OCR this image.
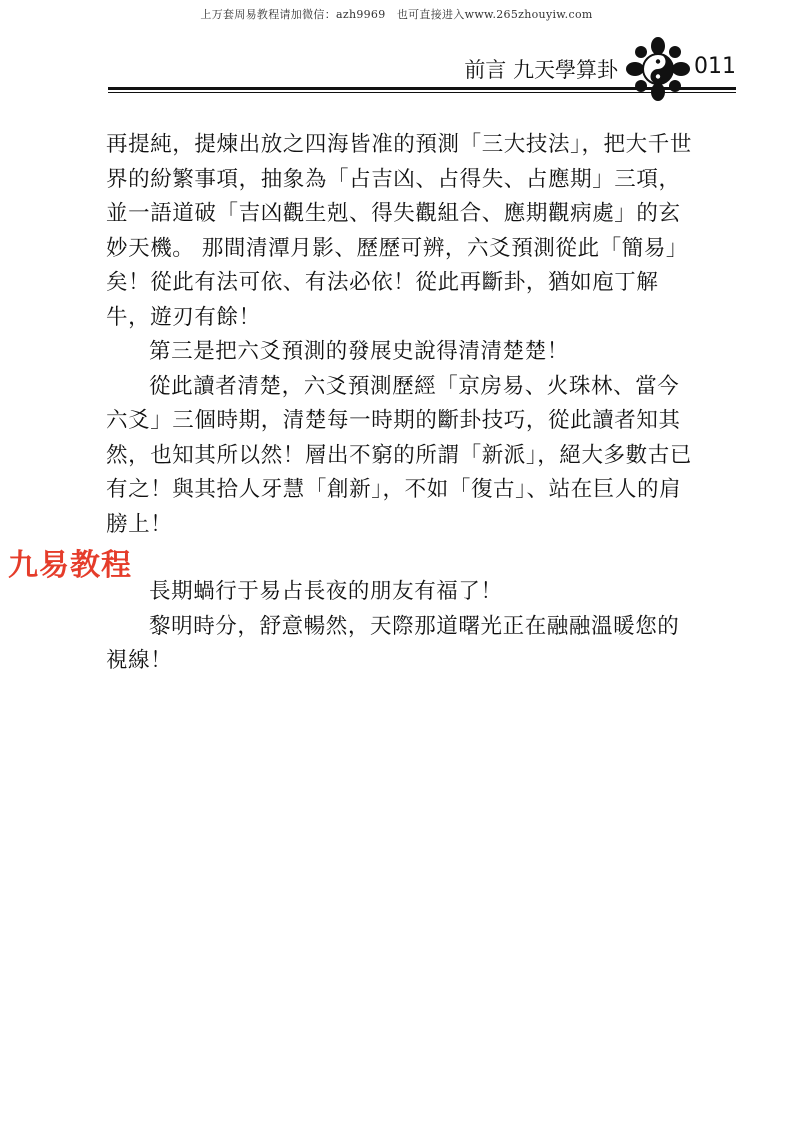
上万套周易教程请加微信：azh9969　也可直接进入www.265zhouyiw.com
前言 九天學算卦	011

再提純，提煉出放之四海皆准的預測「三大技法」，把大千世界的紛繁事項，抽象為「占吉凶、占得失、占應期」三項，並一語道破「吉凶觀生剋、得失觀組合、應期觀病處」的玄妙天機。 那間清潭月影、歷歷可辨，六爻預測從此「簡易」矣！從此有法可依、有法必依！從此再斷卦，猶如庖丁解牛，遊刃有餘！

第三是把六爻預測的發展史說得清清楚楚！

從此讀者清楚，六爻預測歷經「京房易、火珠林、當今六爻」三個時期，清楚每一時期的斷卦技巧，從此讀者知其然，也知其所以然！層出不窮的所謂「新派」，絕大多數古已有之！與其拾人牙慧「創新」，不如「復古」、站在巨人的肩膀上！

長期蝸行于易占長夜的朋友有福了！

黎明時分，舒意暢然，天際那道曙光正在融融溫暖您的視線！

九易教程
